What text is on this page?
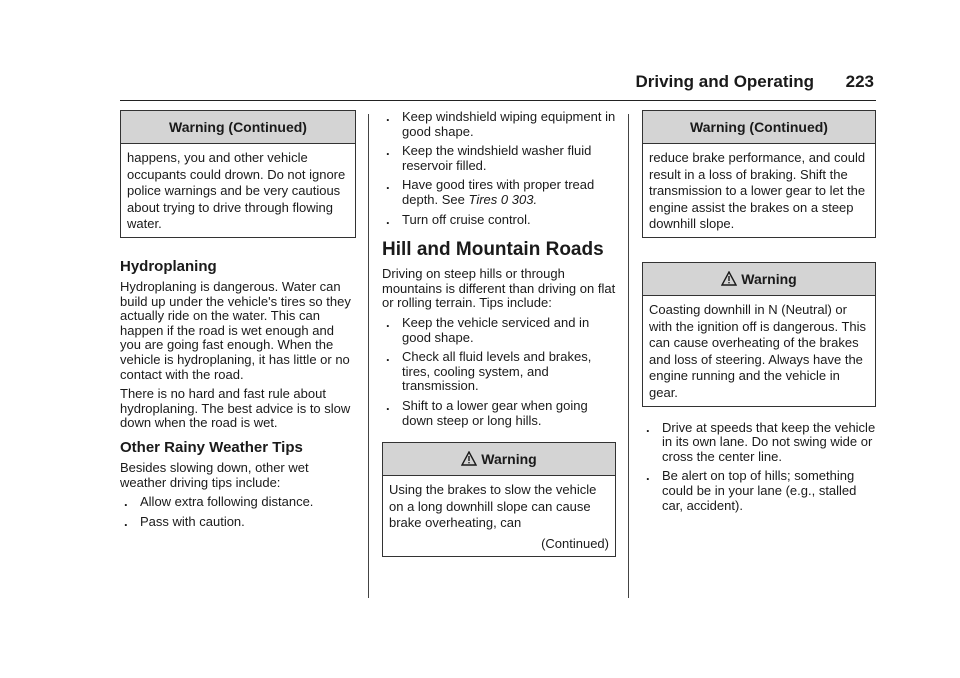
Driving and Operating 223
Warning (Continued)
happens, you and other vehicle occupants could drown. Do not ignore police warnings and be very cautious about trying to drive through flowing water.
Hydroplaning

Hydroplaning is dangerous. Water can build up under the vehicle's tires so they actually ride on the water. This can happen if the road is wet enough and you are going fast enough. When the vehicle is hydroplaning, it has little or no contact with the road.

There is no hard and fast rule about hydroplaning. The best advice is to slow down when the road is wet.

Other Rainy Weather Tips

Besides slowing down, other wet weather driving tips include:

. Allow extra following distance.

. Pass with caution.

. Keep windshield wiping equipment in good shape.

. Keep the windshield washer fluid reservoir filled.

. Have good tires with proper tread depth. See Tires 0 303.

. Turn off cruise control.

Hill and Mountain Roads

Driving on steep hills or through mountains is different than driving on flat or rolling terrain. Tips include:

. Keep the vehicle serviced and in good shape.

. Check all fluid levels and brakes, tires, cooling system, and transmission.

. Shift to a lower gear when going down steep or long hills.

Warning
Using the brakes to slow the vehicle on a long downhill slope can cause brake overheating, can
(Continued)
Warning (Continued)
reduce brake performance, and could result in a loss of braking. Shift the transmission to a lower gear to let the engine assist the brakes on a steep downhill slope.
Warning
Coasting downhill in N (Neutral) or with the ignition off is dangerous. This can cause overheating of the brakes and loss of steering. Always have the engine running and the vehicle in gear.

. Drive at speeds that keep the vehicle in its own lane. Do not swing wide or cross the center line.

. Be alert on top of hills; something could be in your lane (e.g., stalled car, accident).
